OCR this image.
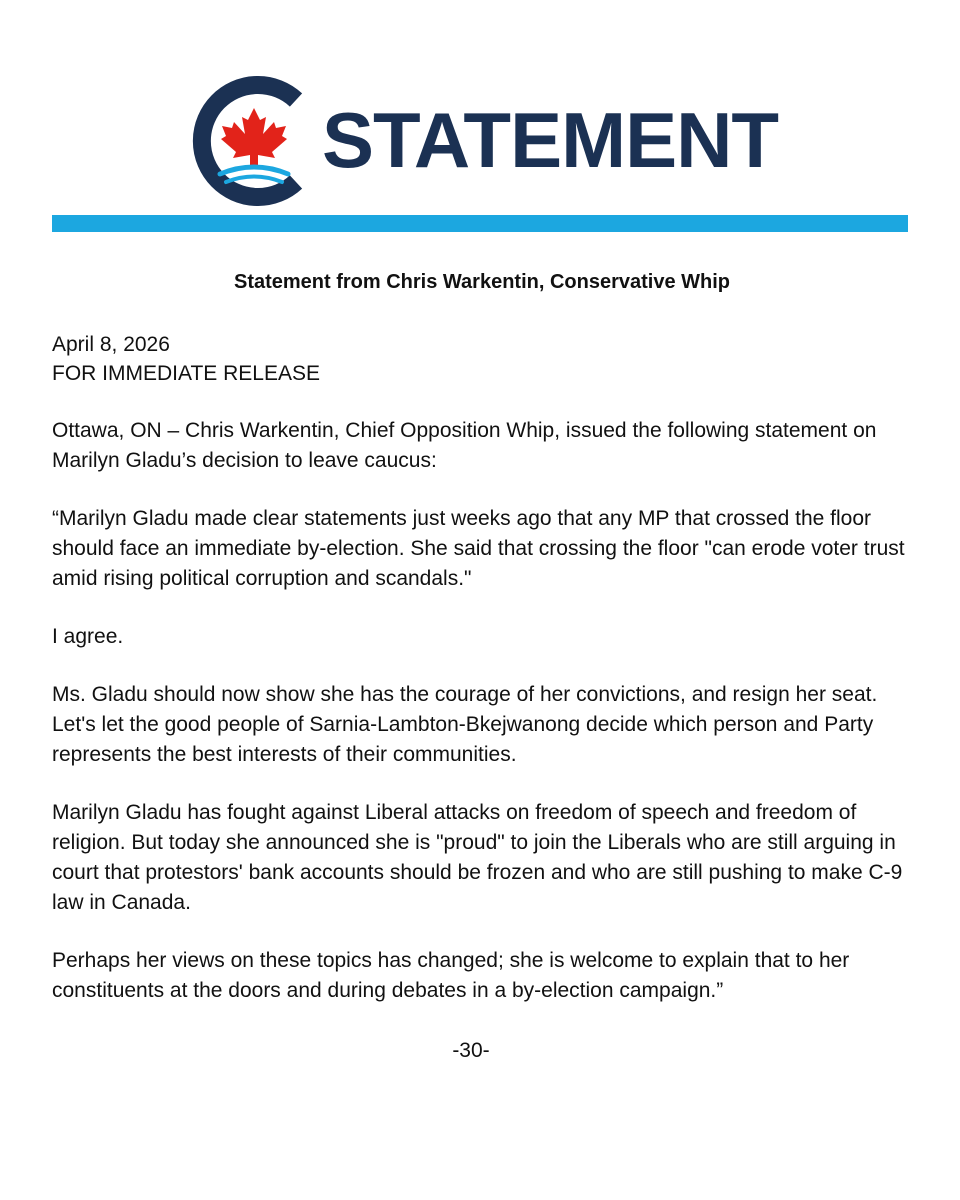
STATEMENT
Statement from Chris Warkentin, Conservative Whip

April 8, 2026

FOR IMMEDIATE RELEASE

Ottawa, ON – Chris Warkentin, Chief Opposition Whip, issued the following statement on Marilyn Gladu’s decision to leave caucus:

“Marilyn Gladu made clear statements just weeks ago that any MP that crossed the floor should face an immediate by-election. She said that crossing the floor "can erode voter trust amid rising political corruption and scandals."

I agree.

Ms. Gladu should now show she has the courage of her convictions, and resign her seat. Let's let the good people of Sarnia-Lambton-Bkejwanong decide which person and Party represents the best interests of their communities.

Marilyn Gladu has fought against Liberal attacks on freedom of speech and freedom of religion. But today she announced she is "proud" to join the Liberals who are still arguing in court that protestors' bank accounts should be frozen and who are still pushing to make C-9 law in Canada.

Perhaps her views on these topics has changed; she is welcome to explain that to her constituents at the doors and during debates in a by-election campaign.”

-30-
